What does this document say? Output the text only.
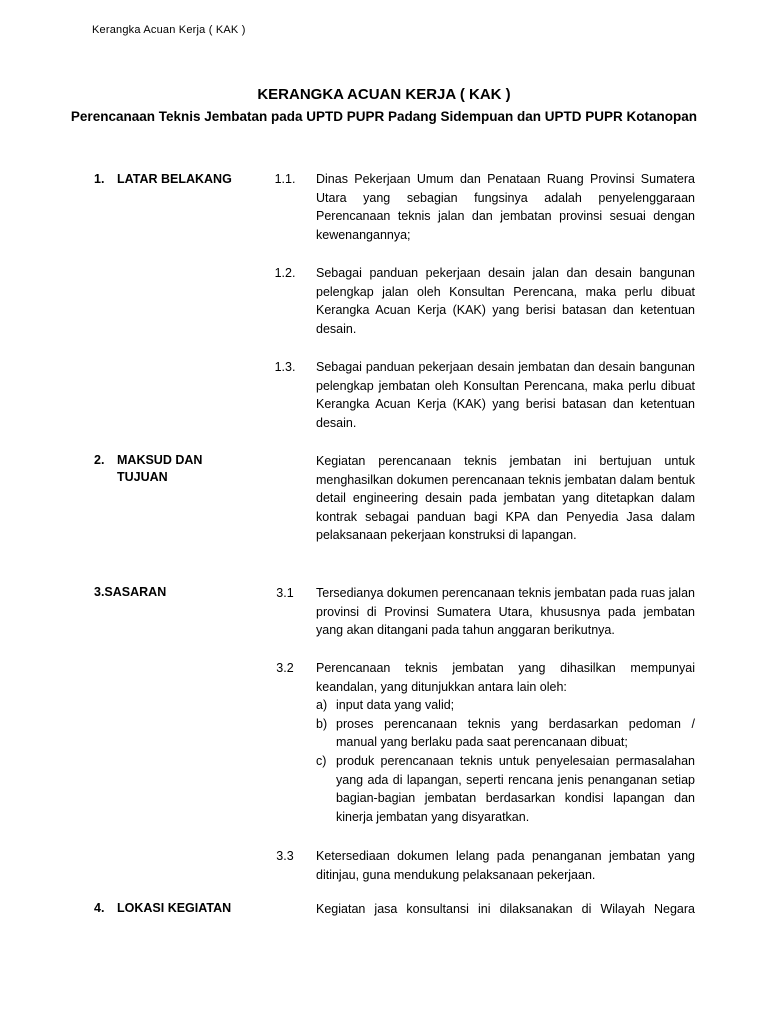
Kerangka Acuan Kerja ( KAK )
KERANGKA ACUAN KERJA ( KAK )
Perencanaan Teknis Jembatan pada UPTD PUPR Padang Sidempuan dan UPTD PUPR Kotanopan
1. LATAR BELAKANG	1.1.	Dinas Pekerjaan Umum dan Penataan Ruang Provinsi Sumatera Utara yang sebagian fungsinya adalah penyelenggaraan Perencanaan teknis jalan dan jembatan provinsi sesuai dengan kewenangannya;
1.2.	Sebagai panduan pekerjaan desain jalan dan desain bangunan pelengkap jalan oleh Konsultan Perencana, maka perlu dibuat Kerangka Acuan Kerja (KAK) yang berisi batasan dan ketentuan desain.
1.3.	Sebagai panduan pekerjaan desain jembatan dan desain bangunan pelengkap jembatan oleh Konsultan Perencana, maka perlu dibuat Kerangka Acuan Kerja (KAK) yang berisi batasan dan ketentuan desain.
2. MAKSUD DAN
TUJUAN
Kegiatan perencanaan teknis jembatan ini bertujuan untuk menghasilkan dokumen perencanaan teknis jembatan dalam bentuk detail engineering desain pada jembatan yang ditetapkan dalam kontrak sebagai panduan bagi KPA dan Penyedia Jasa dalam pelaksanaan pekerjaan konstruksi di lapangan.
3.SASARAN	3.1	Tersedianya dokumen perencanaan teknis jembatan pada ruas jalan provinsi di Provinsi Sumatera Utara, khususnya pada jembatan yang akan ditangani pada tahun anggaran berikutnya.
3.2	Perencanaan teknis jembatan yang dihasilkan mempunyai keandalan, yang ditunjukkan antara lain oleh:
a) input data yang valid;
b) proses perencanaan teknis yang berdasarkan pedoman / manual yang berlaku pada saat perencanaan dibuat;
c) produk perencanaan teknis untuk penyelesaian permasalahan yang ada di lapangan, seperti rencana jenis penanganan setiap bagian-bagian jembatan berdasarkan kondisi lapangan dan kinerja jembatan yang disyaratkan.
3.3	Ketersediaan dokumen lelang pada penanganan jembatan yang ditinjau, guna mendukung pelaksanaan pekerjaan.
4. LOKASI KEGIATAN	Kegiatan jasa konsultansi ini dilaksanakan di Wilayah Negara
